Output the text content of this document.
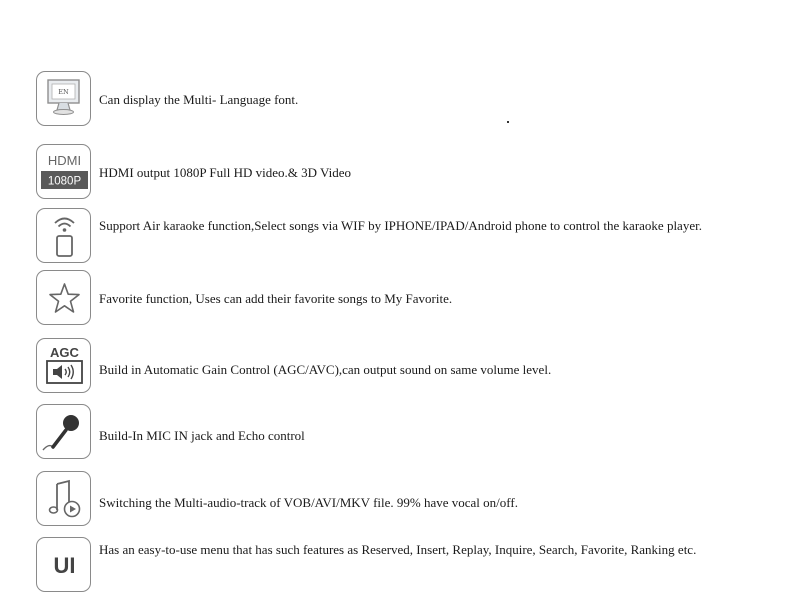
EN Can display the Multi- Language font.
HDMI
1080P
HDMI output 1080P Full HD video.& 3D Video
Support Air karaoke function,Select songs via WIF by IPHONE/IPAD/Android phone to control the karaoke player.
Favorite function, Uses can add their favorite songs to My Favorite.
AGC
Build in Automatic Gain Control (AGC/AVC),can output sound on same volume level.
Build-In MIC IN jack and Echo control
Switching the Multi-audio-track of VOB/AVI/MKV file. 99% have vocal on/off.
UI
Has an easy-to-use menu that has such features as Reserved, Insert, Replay, Inquire, Search, Favorite, Ranking etc.
